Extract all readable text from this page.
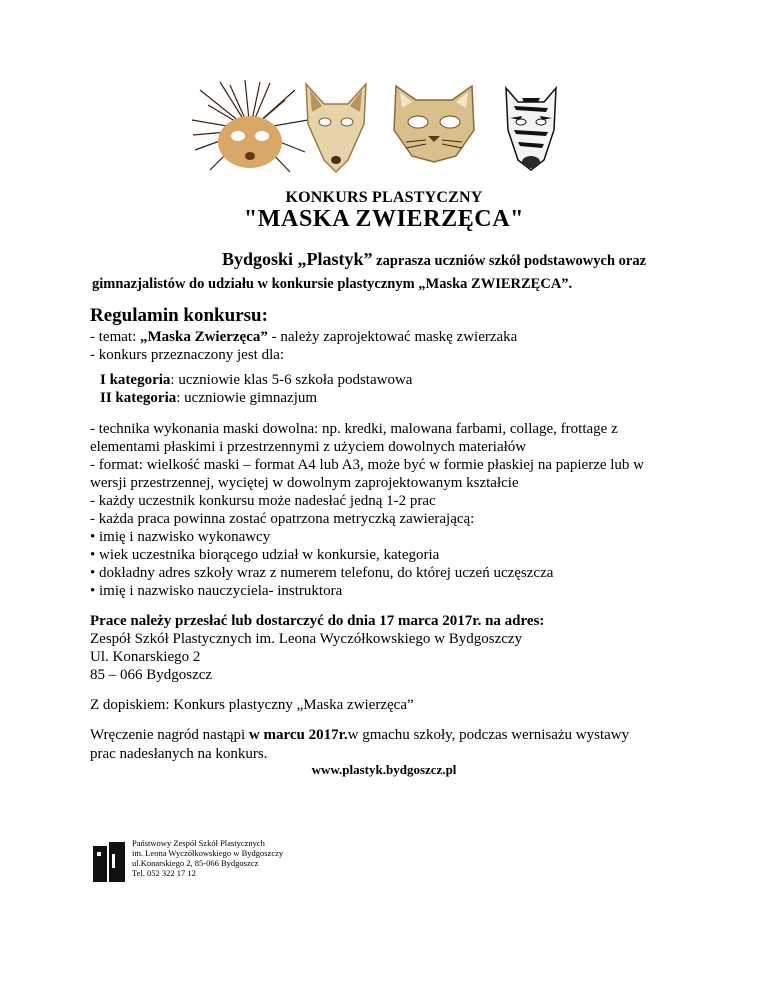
KONKURS PLASTYCZNY
"MASKA ZWIERZĘCA"
Bydgoski „Plastyk” zaprasza uczniów szkół podstawowych oraz
gimnazjalistów do udziału w konkursie plastycznym „Maska ZWIERZĘCA”.
Regulamin konkursu:
- temat: „Maska Zwierzęca” - należy zaprojektować maskę zwierzaka
- konkurs przeznaczony jest dla:
I kategoria: uczniowie klas 5-6 szkoła podstawowa
II kategoria: uczniowie gimnazjum
- technika wykonania maski dowolna: np. kredki, malowana farbami, collage, frottage z
elementami płaskimi i przestrzennymi z użyciem dowolnych materiałów
- format: wielkość maski – format A4 lub A3, może być w formie płaskiej na papierze lub w
wersji przestrzennej, wyciętej w dowolnym zaprojektowanym kształcie
- każdy uczestnik konkursu może nadesłać jedną 1-2 prac
- każda praca powinna zostać opatrzona metryczką zawierającą:
• imię i nazwisko wykonawcy
• wiek uczestnika biorącego udział w konkursie, kategoria
• dokładny adres szkoły wraz z numerem telefonu, do której uczeń uczęszcza
• imię i nazwisko nauczyciela- instruktora
Prace należy przesłać lub dostarczyć do dnia 17 marca 2017r. na adres:
Zespół Szkół Plastycznych im. Leona Wyczółkowskiego w Bydgoszczy
Ul. Konarskiego 2
85 – 066 Bydgoszcz
Z dopiskiem: Konkurs plastyczny „Maska zwierzęca”
Wręczenie nagród nastąpi w marcu 2017r.w gmachu szkoły, podczas wernisażu wystawy
prac nadesłanych na konkurs.
www.plastyk.bydgoszcz.pl
Państwowy Zespół Szkół Plastycznych
im. Leona Wyczółkowskiego w Bydgoszczy
ul.Konarskiego 2, 85-066 Bydgoszcz
Tel. 052 322 17 12
